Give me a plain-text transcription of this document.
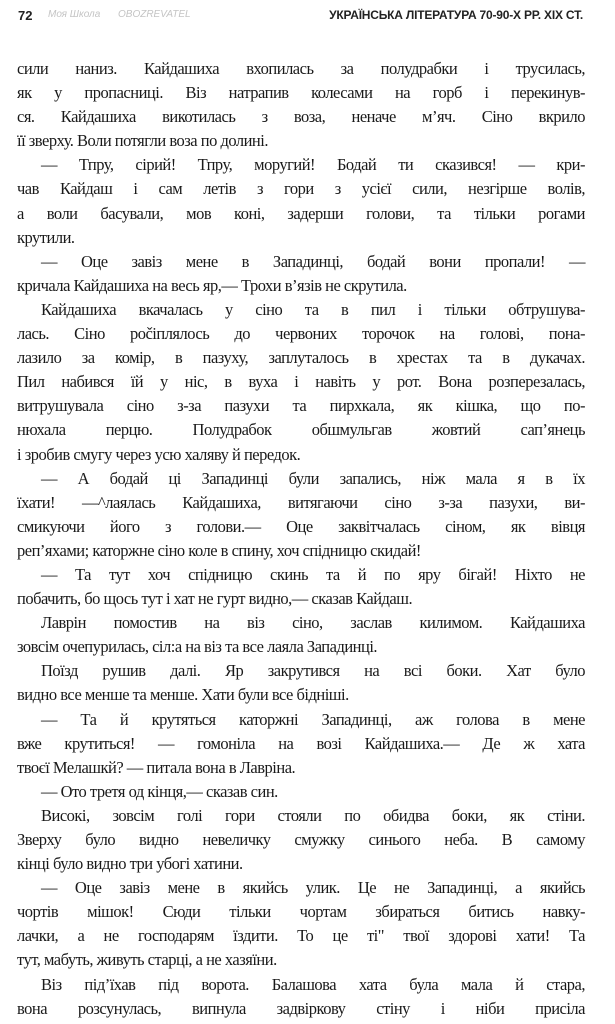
72 Моя Школа OBOZREVATEL	УКРАЇНСЬКА ЛІТЕРАТУРА 70-90-Х РР. XIX СТ.
сили наниз. Кайдашиха вхопилась за полудрабки і трусилась,
як у пропасниці. Віз натрапив колесами на горб і перекинув-
ся. Кайдашиха викотилась з воза, неначе м’яч. Сіно вкрило
її зверху. Воли потягли воза по долині.
— Тпру, сірий! Тпру, моругий! Бодай ти сказився! — кри-
чав Кайдаш і сам летів з гори з усієї сили, незгірше волів,
а воли басували, мов коні, задерши голови, та тільки рогами
крутили.
— Оце завіз мене в Западинці, бодай вони пропали! —
кричала Кайдашиха на весь яр,— Трохи в’язів не скрутила.
Кайдашиха вкачалась у сіно та в пил і тільки обтрушува-
лась. Сіно počіплялось до червоних торочок на голові, пона-
лазило за комір, в пазуху, заплуталось в хрестах та в дукачах.
Пил набився їй у ніс, в вуха і навіть у рот. Вона розперезалась,
витрушувала сіно з-за пазухи та пирхкала, як кішка, що по-
нюхала перцю. Полудрабок обшмульгав жовтий сап’янець
і зробив смугу через усю халяву й передок.
— А бодай ці Западинці були запались, ніж мала я в їх
їхати! —^лаялась Кайдашиха, витягаючи сіно з-за пазухи, ви-
смикуючи його з голови.— Оце заквітчалась сіном, як вівця
реп’яхами; каторжне сіно коле в спину, хоч спідницю скидай!
— Та тут хоч спідницю скинь та й по яру бігай! Ніхто не
побачить, бо щось тут і хат не гурт видно,— сказав Кайдаш.
Лаврін помостив на віз сіно, заслав килимом. Кайдашиха
зовсім очепурилась, сіл:а на віз та все лаяла Западинці.
Поїзд рушив далі. Яр закрутився на всі боки. Хат було
видно все менше та менше. Хати були все бідніші.
— Та й крутяться каторжні Западинці, аж голова в мене
вже крутиться! — гомоніла на возі Кайдашиха.— Де ж хата
твоєї Мелашкй? — питала вона в Лавріна.
— Ото третя од кінця,— сказав син.
Високі, зовсім голі гори стояли по обидва боки, як стіни.
Зверху було видно невеличку смужку синього неба. В самому
кінці було видно три убогі хатини.
— Оце завіз мене в якийсь улик. Це не Западинці, а якийсь
чортів мішок! Сюди тільки чортам збираться битись навку-
лачки, а не господарям їздити. То це ті" твої здорові хати! Та
тут, мабуть, живуть старці, а не хазяїни.
Віз під’їхав під ворота. Балашова хата була мала й стара,
вона розсунулась, випнула задвіркову стіну і ніби присіла
